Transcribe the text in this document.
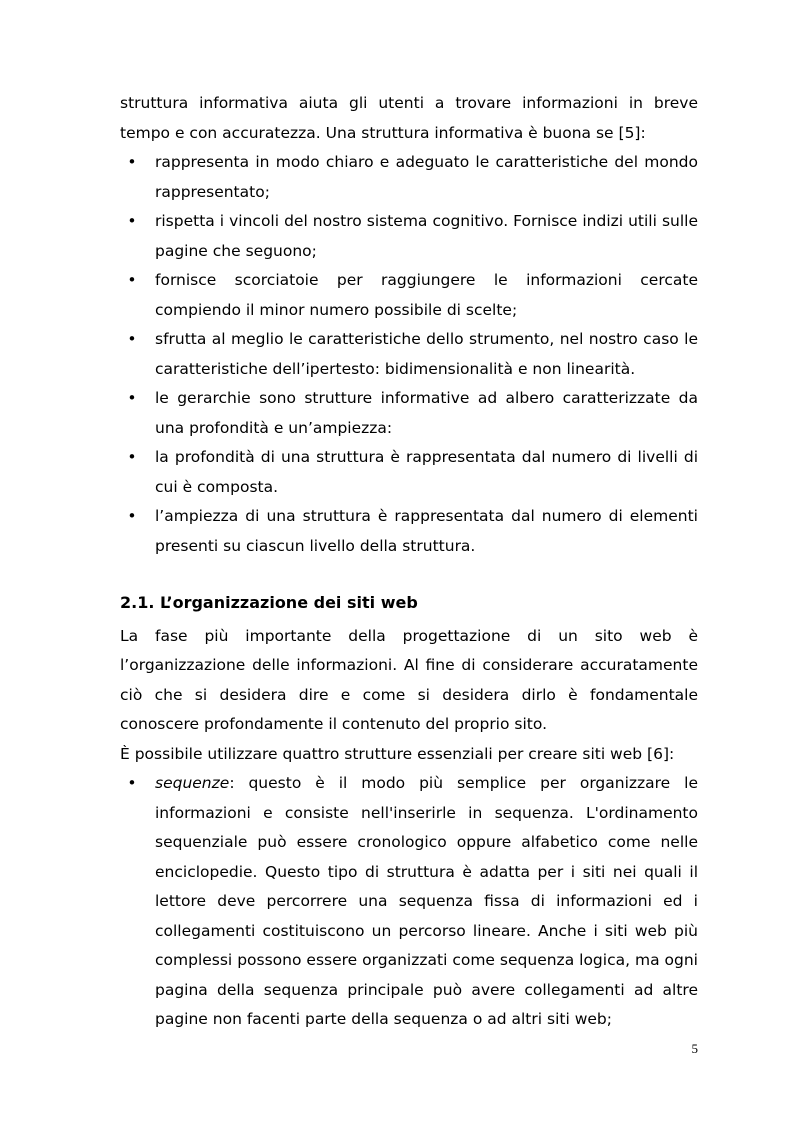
struttura informativa aiuta gli utenti a trovare informazioni in breve tempo e con accuratezza. Una struttura informativa è buona se [5]:

• rappresenta in modo chiaro e adeguato le caratteristiche del mondo rappresentato;
• rispetta i vincoli del nostro sistema cognitivo. Fornisce indizi utili sulle pagine che seguono;
• fornisce scorciatoie per raggiungere le informazioni cercate compiendo il minor numero possibile di scelte;
• sfrutta al meglio le caratteristiche dello strumento, nel nostro caso le caratteristiche dell’ipertesto: bidimensionalità e non linearità.
• le gerarchie sono strutture informative ad albero caratterizzate da una profondità e un’ampiezza:
• la profondità di una struttura è rappresentata dal numero di livelli di cui è composta.
• l’ampiezza di una struttura è rappresentata dal numero di elementi presenti su ciascun livello della struttura.
2.1. L’organizzazione dei siti web

La fase più importante della progettazione di un sito web è l’organizzazione delle informazioni. Al fine di considerare accuratamente ciò che si desidera dire e come si desidera dirlo è fondamentale conoscere profondamente il contenuto del proprio sito.

È possibile utilizzare quattro strutture essenziali per creare siti web [6]:

• sequenze: questo è il modo più semplice per organizzare le informazioni e consiste nell'inserirle in sequenza. L'ordinamento sequenziale può essere cronologico oppure alfabetico come nelle enciclopedie. Questo tipo di struttura è adatta per i siti nei quali il lettore deve percorrere una sequenza fissa di informazioni ed i collegamenti costituiscono un percorso lineare. Anche i siti web più complessi possono essere organizzati come sequenza logica, ma ogni pagina della sequenza principale può avere collegamenti ad altre pagine non facenti parte della sequenza o ad altri siti web;
5
